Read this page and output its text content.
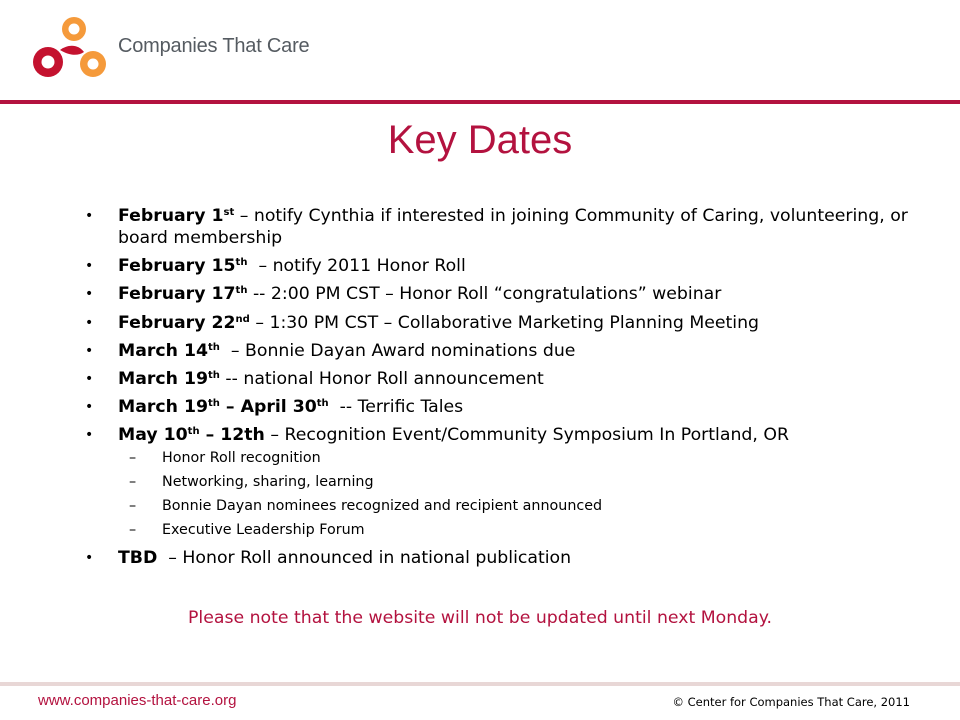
Companies That Care
Key Dates
• February 1st – notify Cynthia if interested in joining Community of Caring, volunteering, or board membership
• February 15th  – notify 2011 Honor Roll
• February 17th -- 2:00 PM CST – Honor Roll “congratulations” webinar
• February 22nd – 1:30 PM CST – Collaborative Marketing Planning Meeting
• March 14th  – Bonnie Dayan Award nominations due
• March 19th -- national Honor Roll announcement
• March 19th – April 30th  -- Terrific Tales
• May 10th – 12th – Recognition Event/Community Symposium In Portland, OR
– Honor Roll recognition
– Networking, sharing, learning
– Bonnie Dayan nominees recognized and recipient announced
– Executive Leadership Forum
• TBD  – Honor Roll announced in national publication
Please note that the website will not be updated until next Monday.
www.companies-that-care.org	© Center for Companies That Care, 2011
